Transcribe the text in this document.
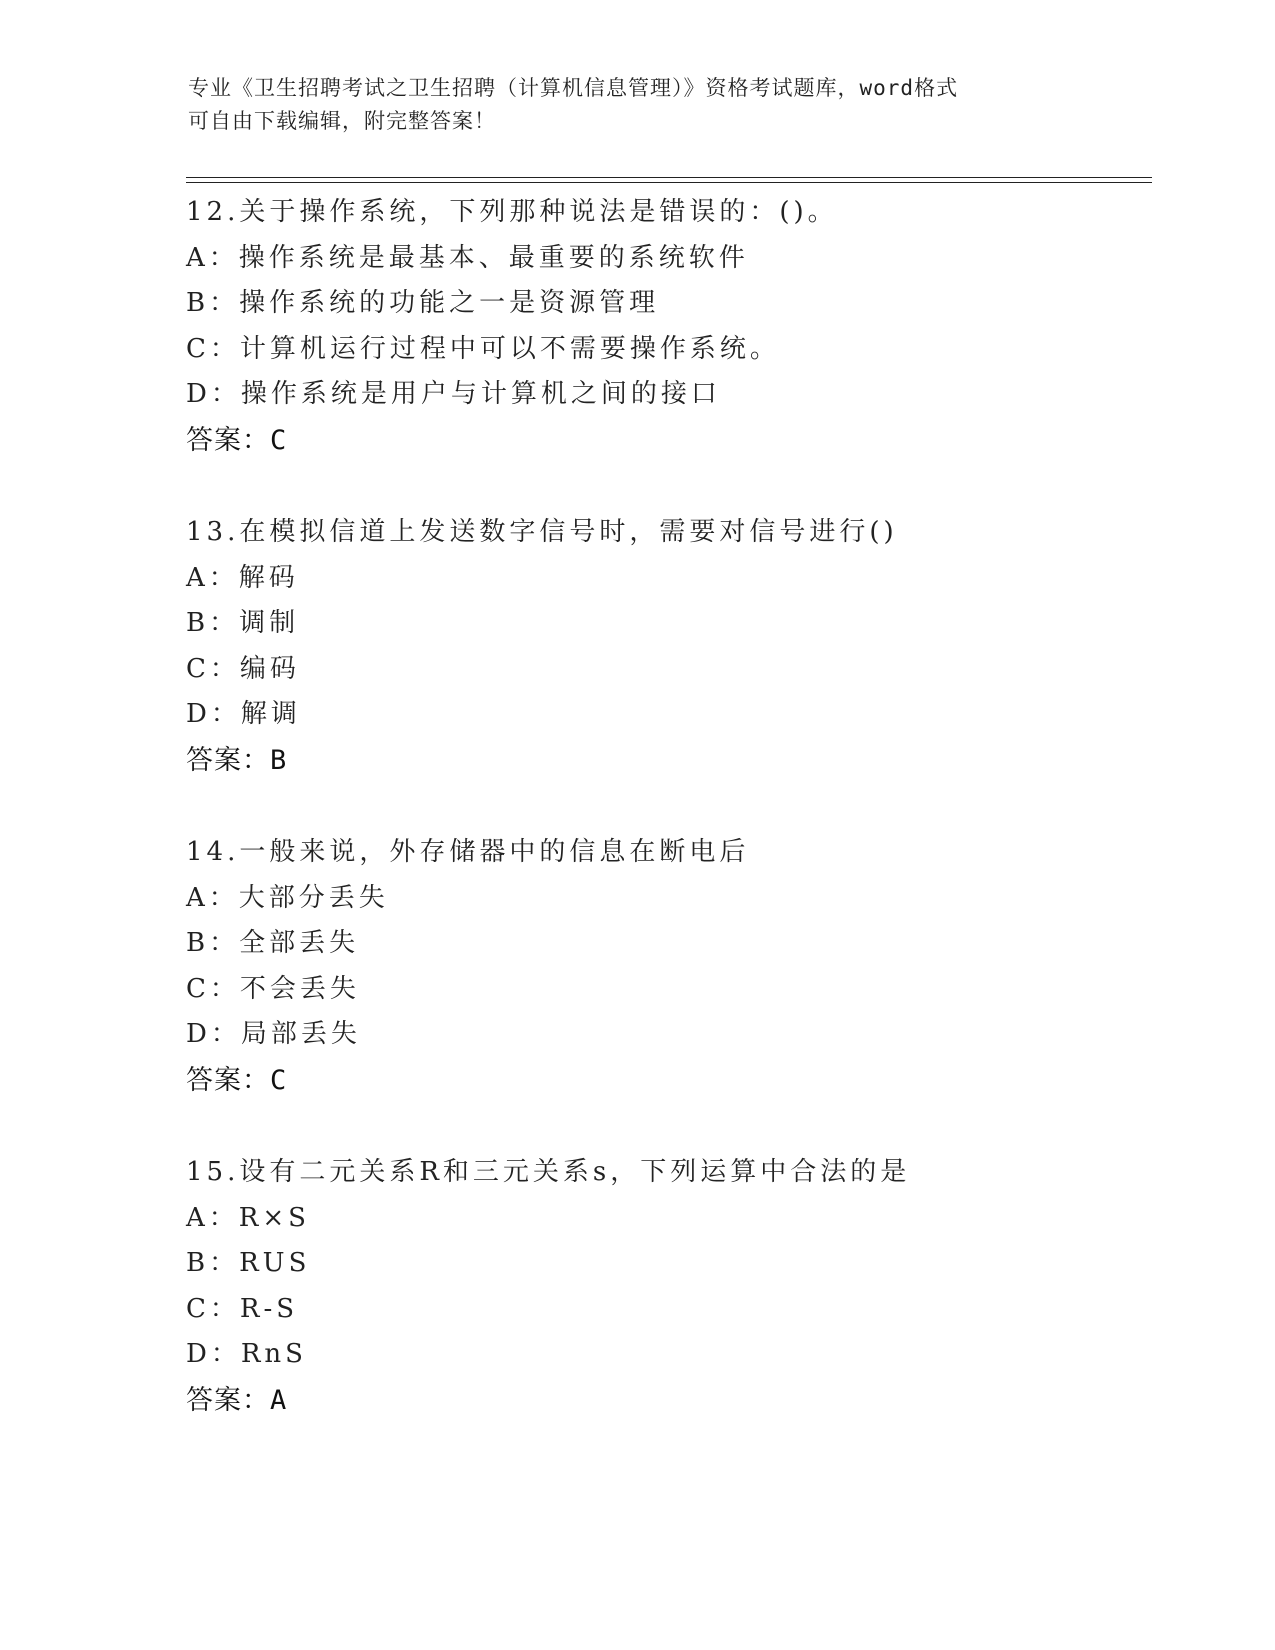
专业《卫生招聘考试之卫生招聘（计算机信息管理）》资格考试题库，word格式
可自由下载编辑，附完整答案！
12.关于操作系统，下列那种说法是错误的：()。
A：操作系统是最基本、最重要的系统软件
B：操作系统的功能之一是资源管理
C：计算机运行过程中可以不需要操作系统。
D：操作系统是用户与计算机之间的接口
答案：C
13.在模拟信道上发送数字信号时，需要对信号进行()
A：解码
B：调制
C：编码
D：解调
答案：B
14.一般来说，外存储器中的信息在断电后
A：大部分丢失
B：全部丢失
C：不会丢失
D：局部丢失
答案：C
15.设有二元关系R和三元关系s，下列运算中合法的是
A：R×S
B：RUS
C：R-S
D：RnS
答案：A
